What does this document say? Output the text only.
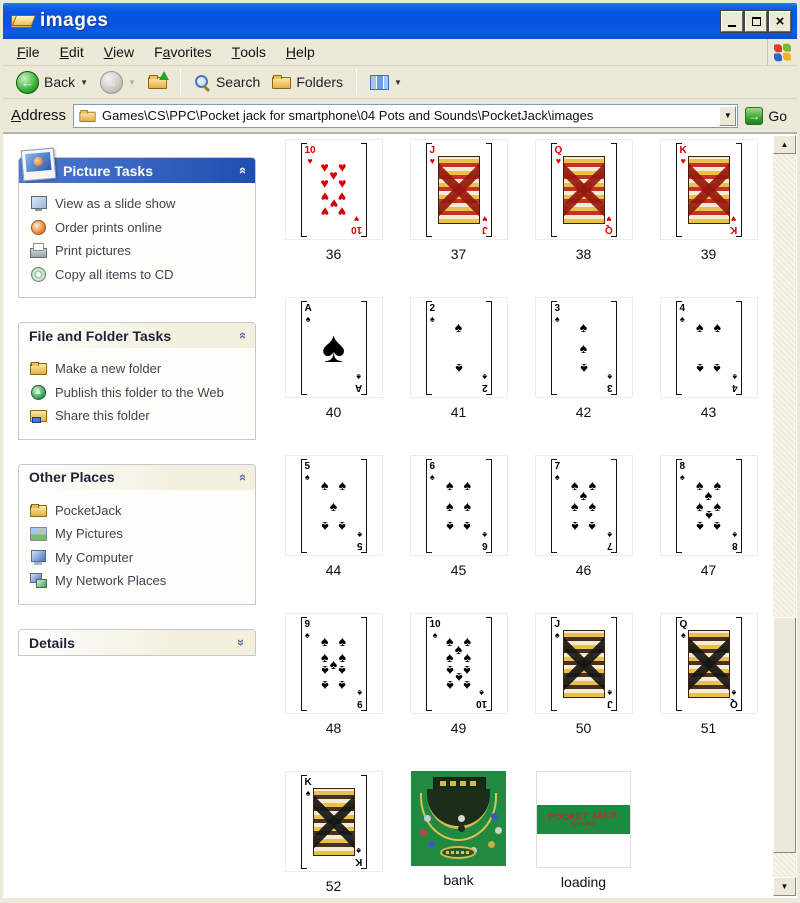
images	×
F ile	E dit	V iew	F a vorites	T ools	H elp
← Back ▼	→	▼	Search	Folders	▼
Address	Games\CS\PPC\Pocket jack for smartphone\04 Pots and Sounds\PocketJack\images	▼	→ Go
Picture Tasks	»
View as a slide show
Order prints online
Print pictures
Copy all items to CD
File and Folder Tasks	»
Make a new folder
Publish this folder to the Web
Share this folder
Other Places	»
PocketJack
My Pictures
My Computer
My Network Places
Details	»
10
♥
10
♥
♥ ♥
♥
♥ ♥
♥ ♥
♥
♥ ♥
36
J
♥
J
♥
37
Q
♥
Q
♥
38
K
♥
K
♥
39
A
♠
A
♠
♠
40
2
♠
2
♠
♠
♠
41
3
♠
3
♠
♠
♠
♠
42
4
♠
4
♠
♠ ♠
♠ ♠
43
5
♠
5
♠
♠ ♠
♠
♠ ♠
44
6
♠
6
♠
♠ ♠
♠ ♠
♠ ♠
45
7
♠
7
♠
♠ ♠
♠
♠ ♠
♠ ♠
46
8
♠
8
♠
♠ ♠
♠
♠ ♠
♠
♠ ♠
47
9
♠
9
♠
♠ ♠
♠ ♠
♠
♠ ♠
♠ ♠
48
10
♠
10
♠
♠ ♠
♠
♠ ♠
♠ ♠
♠
♠ ♠
49
J
♠
J
♠
50
Q
♠
Q
♠
51
K
♠
K
♠
52	bank
POCKET JACK
CASINO
loading
▲
▼
